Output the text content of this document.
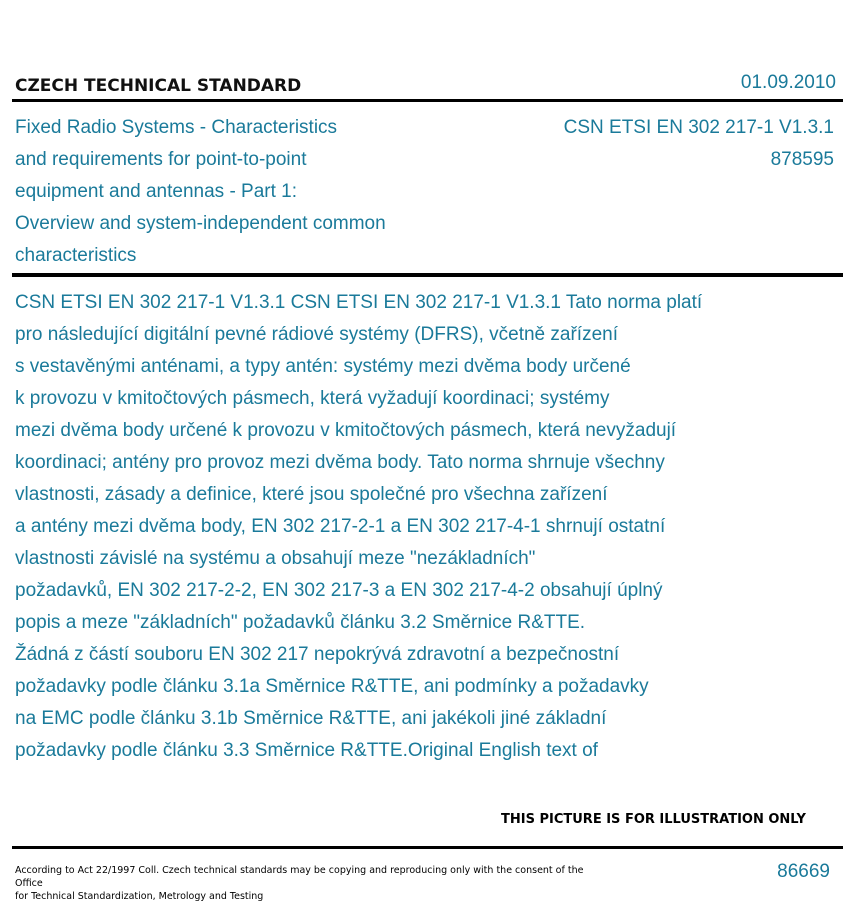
CZECH TECHNICAL STANDARD	01.09.2010
Fixed Radio Systems - Characteristics
and requirements for point-to-point
equipment and antennas - Part 1:
Overview and system-independent common
characteristics
CSN ETSI EN 302 217-1 V1.3.1
878595
CSN ETSI EN 302 217-1 V1.3.1 CSN ETSI EN 302 217-1 V1.3.1 Tato norma platí
pro následující digitální pevné rádiové systémy (DFRS), včetně zařízení
s vestavěnými anténami, a typy antén: systémy mezi dvěma body určené
k provozu v kmitočtových pásmech, která vyžadují koordinaci; systémy
mezi dvěma body určené k provozu v kmitočtových pásmech, která nevyžadují
koordinaci; antény pro provoz mezi dvěma body. Tato norma shrnuje všechny
vlastnosti, zásady a definice, které jsou společné pro všechna zařízení
a antény mezi dvěma body, EN 302 217-2-1 a EN 302 217-4-1 shrnují ostatní
vlastnosti závislé na systému a obsahují meze "nezákladních"
požadavků, EN 302 217-2-2, EN 302 217-3 a EN 302 217-4-2 obsahují úplný
popis a meze "základních" požadavků článku 3.2 Směrnice R&TTE.
Žádná z částí souboru EN 302 217 nepokrývá zdravotní a bezpečnostní
požadavky podle článku 3.1a Směrnice R&TTE, ani podmínky a požadavky
na EMC podle článku 3.1b Směrnice R&TTE, ani jakékoli jiné základní
požadavky podle článku 3.3 Směrnice R&TTE.Original English text of
THIS PICTURE IS FOR ILLUSTRATION ONLY
According to Act 22/1997 Coll. Czech technical standards may be copying and reproducing only with the consent of the Office
for Technical Standardization, Metrology and Testing
86669
